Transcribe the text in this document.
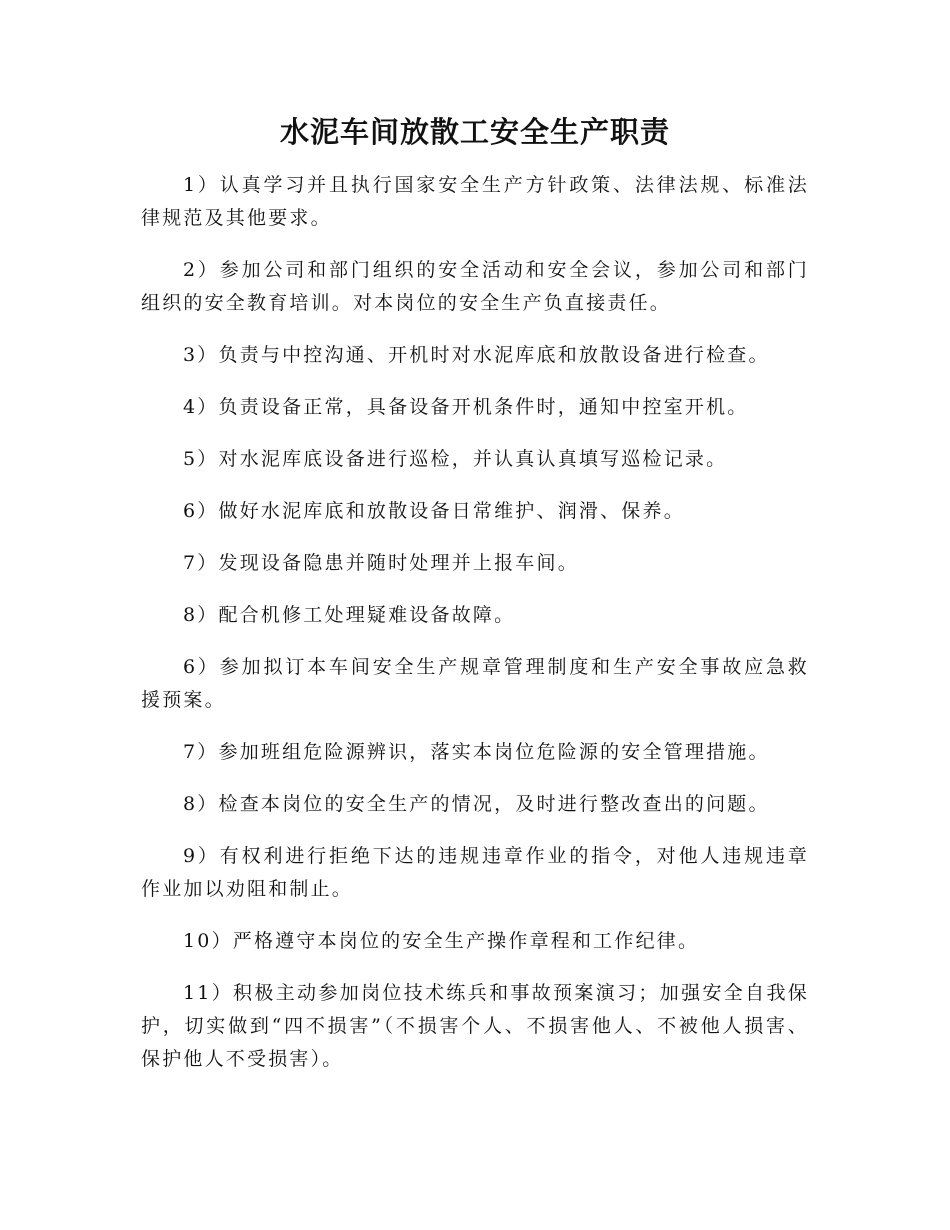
水泥车间放散工安全生产职责

1）认真学习并且执行国家安全生产方针政策、法律法规、标准法律规范及其他要求。

2）参加公司和部门组织的安全活动和安全会议，参加公司和部门组织的安全教育培训。对本岗位的安全生产负直接责任。

3）负责与中控沟通、开机时对水泥库底和放散设备进行检查。

4）负责设备正常，具备设备开机条件时，通知中控室开机。

5）对水泥库底设备进行巡检，并认真认真填写巡检记录。

6）做好水泥库底和放散设备日常维护、润滑、保养。

7）发现设备隐患并随时处理并上报车间。

8）配合机修工处理疑难设备故障。

6）参加拟订本车间安全生产规章管理制度和生产安全事故应急救援预案。

7）参加班组危险源辨识，落实本岗位危险源的安全管理措施。

8）检查本岗位的安全生产的情况，及时进行整改查出的问题。

9）有权利进行拒绝下达的违规违章作业的指令，对他人违规违章作业加以劝阻和制止。

10）严格遵守本岗位的安全生产操作章程和工作纪律。

11）积极主动参加岗位技术练兵和事故预案演习；加强安全自我保护，切实做到“四不损害”（不损害个人、不损害他人、不被他人损害、保护他人不受损害）。
